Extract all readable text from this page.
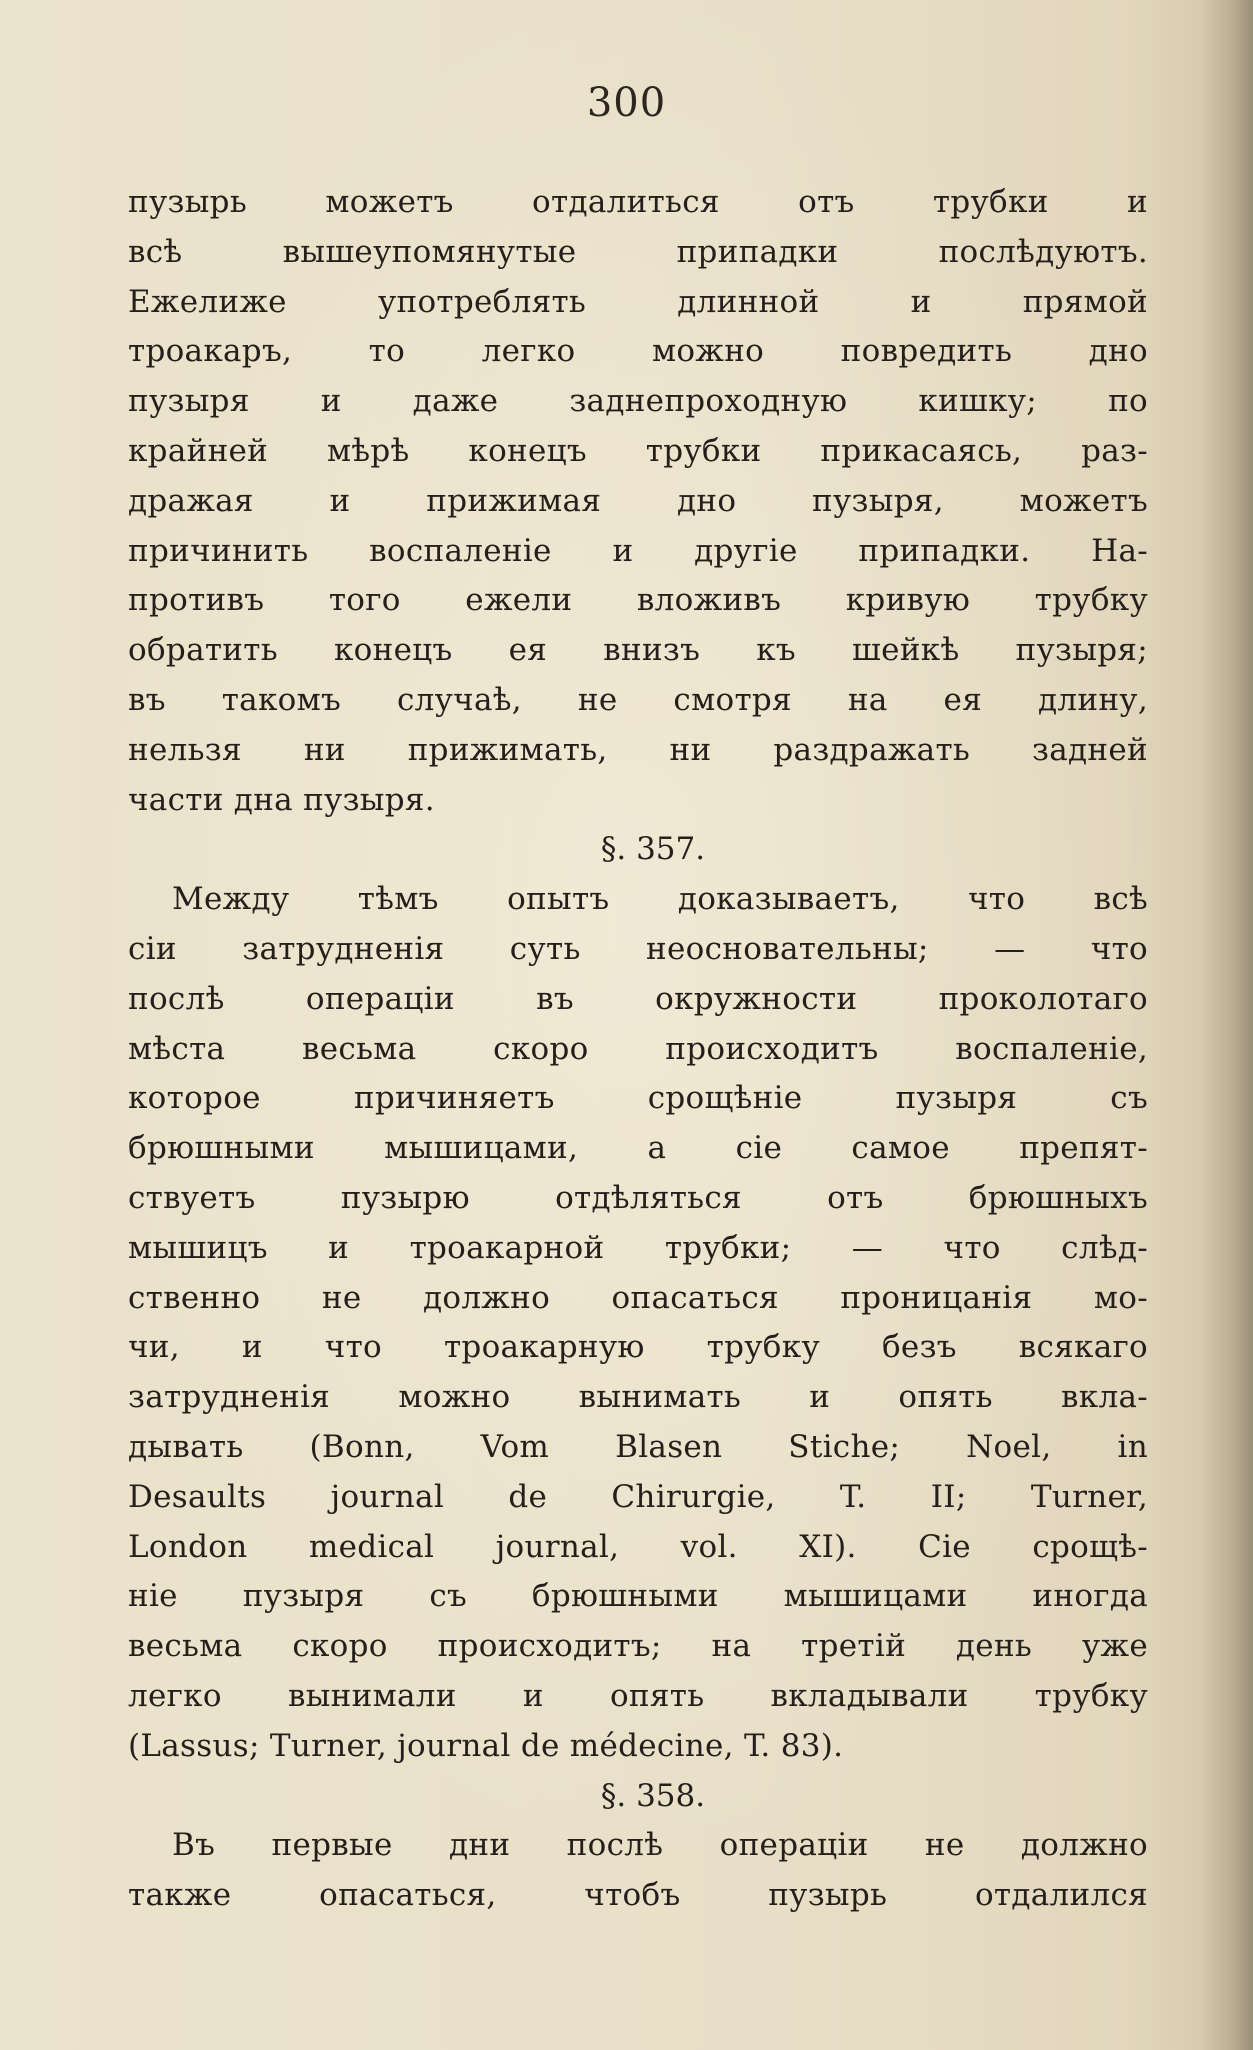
300
пузырь можетъ отдалиться отъ трубки и
всѣ вышеупомянутые припадки послѣдуютъ.
Ежелиже употреблять длинной и прямой
троакаръ, то легко можно повредить дно
пузыря и даже заднепроходную кишку; по
крайней мѣрѣ конецъ трубки прикасаясь, раз-
дражая и прижимая дно пузыря, можетъ
причинить воспаленіе и другіе припадки. На-
противъ того ежели вложивъ кривую трубку
обратить конецъ ея внизъ къ шейкѣ пузыря;
въ такомъ случаѣ, не смотря на ея длину,
нельзя ни прижимать, ни раздражать задней
части дна пузыря.
§. 357.
Между тѣмъ опытъ доказываетъ, что всѣ
сіи затрудненія суть неосновательны; — что
послѣ операціи въ окружности проколотаго
мѣста весьма скоро происходитъ воспаленіе,
которое причиняетъ срощѣніе пузыря съ
брюшными мышицами, а сіе самое препят-
ствуетъ пузырю отдѣляться отъ брюшныхъ
мышицъ и троакарной трубки; — что слѣд-
ственно не должно опасаться проницанія мо-
чи, и что троакарную трубку безъ всякаго
затрудненія можно вынимать и опять вкла-
дывать (Bonn, Vom Blasen Stiche; Noel, in
Desaults journal de Chirurgie, T. II; Turner,
London medical journal, vol. XI). Сіе срощѣ-
ніе пузыря съ брюшными мышицами иногда
весьма скоро происходитъ; на третій день уже
легко вынимали и опять вкладывали трубку
(Lassus; Turner, journal de médecine, T. 83).
§. 358.
Въ первые дни послѣ операціи не должно
также опасаться, чтобъ пузырь отдалился
